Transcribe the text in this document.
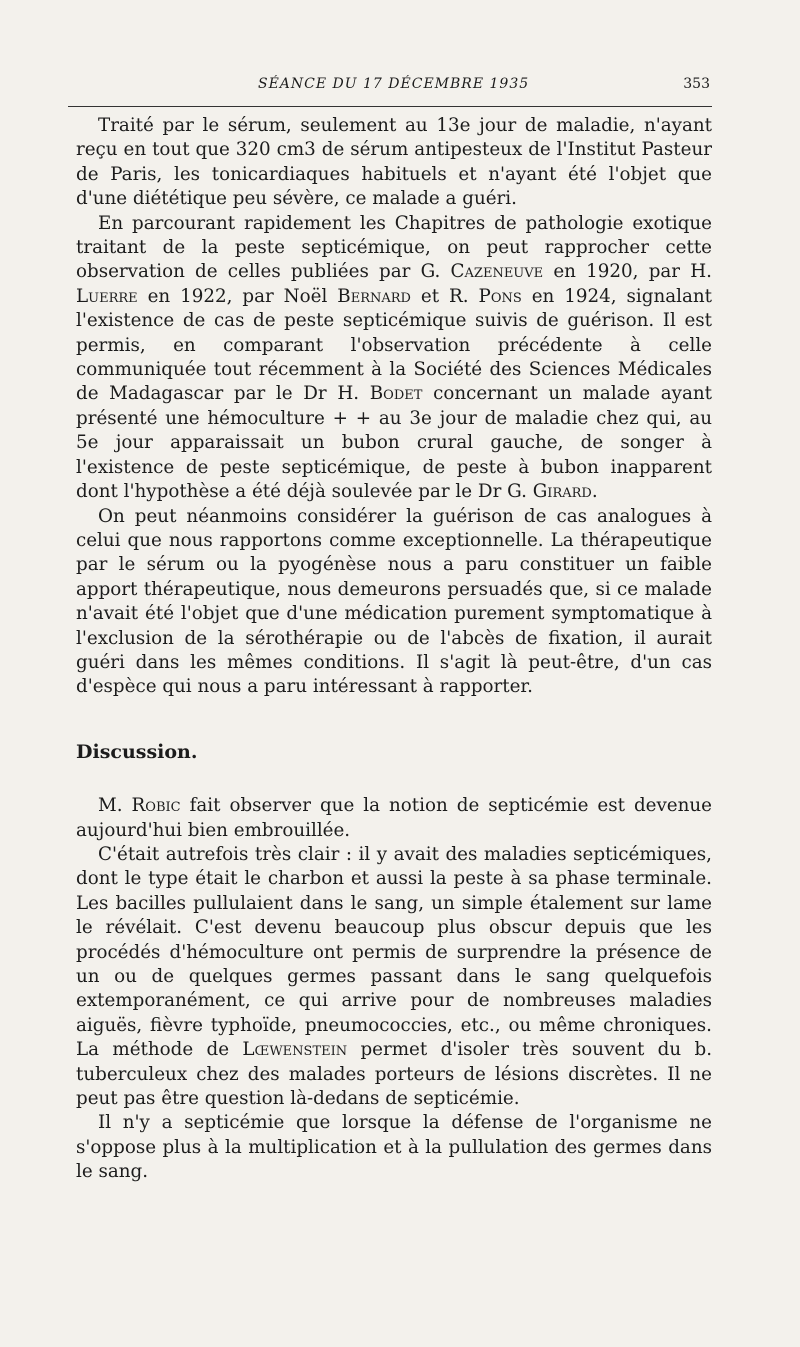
SÉANCE DU 17 DÉCEMBRE 1935	353

Traité par le sérum, seulement au 13e jour de maladie, n'ayant reçu en tout que 320 cm3 de sérum antipesteux de l'Institut Pasteur de Paris, les tonicardiaques habituels et n'ayant été l'objet que d'une diététique peu sévère, ce malade a guéri.

En parcourant rapidement les Chapitres de pathologie exotique traitant de la peste septicémique, on peut rapprocher cette observation de celles publiées par G. Cazeneuve en 1920, par H. Luerre en 1922, par Noël Bernard et R. Pons en 1924, signalant l'existence de cas de peste septicémique suivis de guérison. Il est permis, en comparant l'observation précédente à celle communiquée tout récemment à la Société des Sciences Médicales de Madagascar par le Dr H. Bodet concernant un malade ayant présenté une hémoculture + + au 3e jour de maladie chez qui, au 5e jour apparaissait un bubon crural gauche, de songer à l'existence de peste septicémique, de peste à bubon inapparent dont l'hypothèse a été déjà soulevée par le Dr G. Girard.

On peut néanmoins considérer la guérison de cas analogues à celui que nous rapportons comme exceptionnelle. La thérapeutique par le sérum ou la pyogénèse nous a paru constituer un faible apport thérapeutique, nous demeurons persuadés que, si ce malade n'avait été l'objet que d'une médication purement symptomatique à l'exclusion de la sérothérapie ou de l'abcès de fixation, il aurait guéri dans les mêmes conditions. Il s'agit là peut-être, d'un cas d'espèce qui nous a paru intéressant à rapporter.

Discussion.

M. Robic fait observer que la notion de septicémie est devenue aujourd'hui bien embrouillée.

C'était autrefois très clair : il y avait des maladies septicémiques, dont le type était le charbon et aussi la peste à sa phase terminale. Les bacilles pullulaient dans le sang, un simple étalement sur lame le révélait. C'est devenu beaucoup plus obscur depuis que les procédés d'hémoculture ont permis de surprendre la présence de un ou de quelques germes passant dans le sang quelquefois extemporanément, ce qui arrive pour de nombreuses maladies aiguës, fièvre typhoïde, pneumococcies, etc., ou même chroniques. La méthode de Lœwenstein permet d'isoler très souvent du b. tuberculeux chez des malades porteurs de lésions discrètes. Il ne peut pas être question là-dedans de septicémie.

Il n'y a septicémie que lorsque la défense de l'organisme ne s'oppose plus à la multiplication et à la pullulation des germes dans le sang.
